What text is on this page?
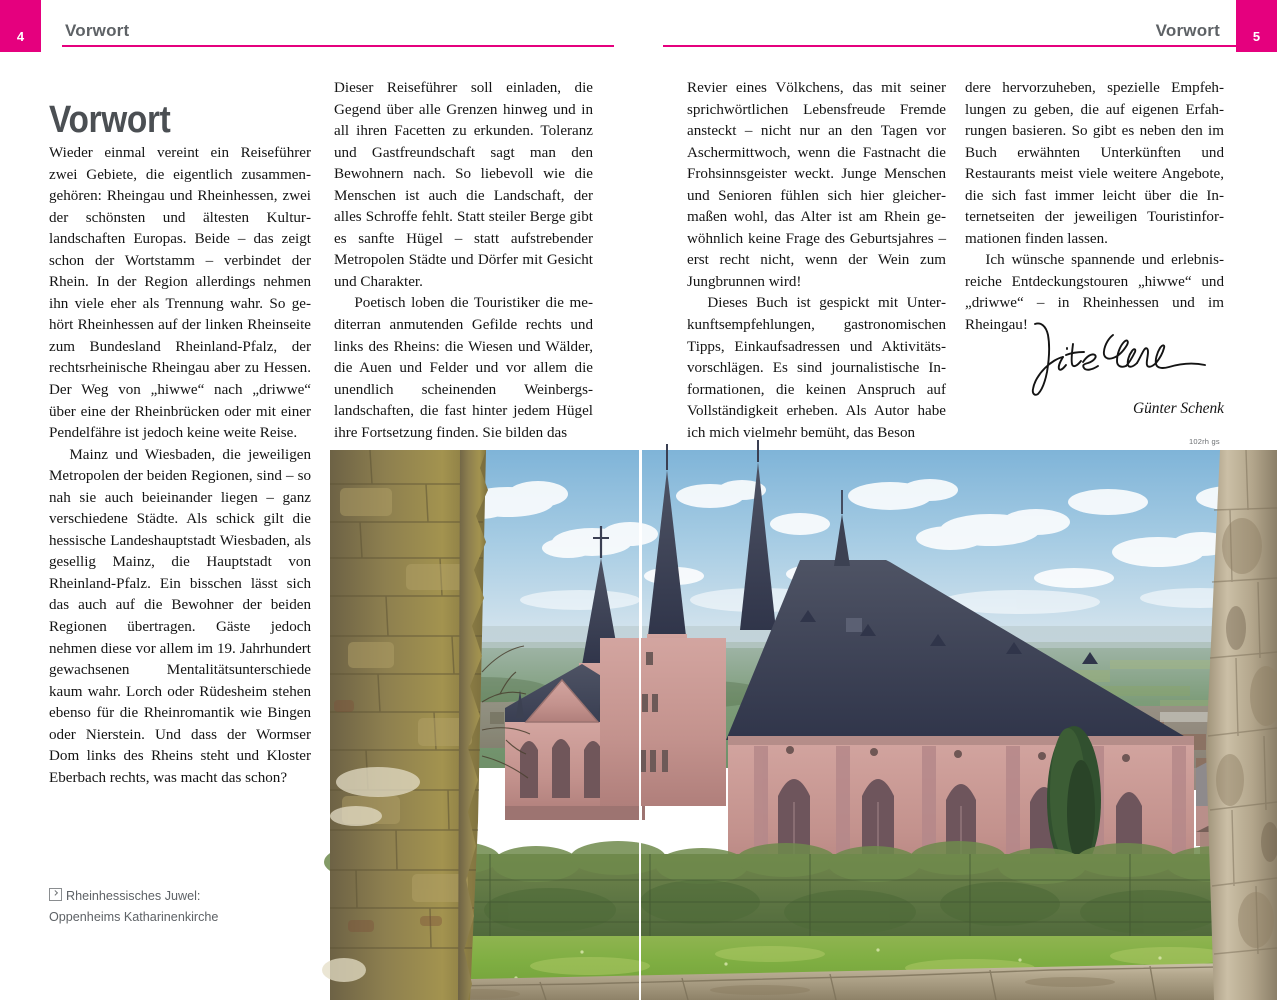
4	Vorwort	5
Vorwort
Vorwort

Wieder einmal vereint ein Reiseführer zwei Gebiete, die eigentlich zusammengehören: Rheingau und Rheinhessen, zwei der schönsten und ältesten Kulturlandschaften Europas. Beide – das zeigt schon der Wortstamm – verbindet der Rhein. In der Region allerdings nehmen ihn viele eher als Trennung wahr. So gehört Rheinhessen auf der linken Rheinseite zum Bundesland Rheinland-Pfalz, der rechtsrheinische Rheingau aber zu Hessen. Der Weg von „hiwwe“ nach „driwwe“ über eine der Rheinbrücken oder mit einer Pendelfähre ist jedoch keine weite Reise.

Mainz und Wiesbaden, die jeweiligen Metropolen der beiden Regionen, sind – so nah sie auch beieinander liegen – ganz verschiedene Städte. Als schick gilt die hessische Landeshauptstadt Wiesbaden, als gesellig Mainz, die Hauptstadt von Rheinland-Pfalz. Ein bisschen lässt sich das auch auf die Bewohner der beiden Regionen übertragen. Gäste jedoch nehmen diese vor allem im 19. Jahrhundert gewachsenen Mentalitätsunterschiede kaum wahr. Lorch oder Rüdesheim stehen ebenso für die Rheinromantik wie Bingen oder Nierstein. Und dass der Wormser Dom links des Rheins steht und Kloster Eberbach rechts, was macht das schon?

Dieser Reiseführer soll einladen, die Gegend über alle Grenzen hinweg und in all ihren Facetten zu erkunden. Toleranz und Gastfreundschaft sagt man den Bewohnern nach. So liebevoll wie die Menschen ist auch die Landschaft, der alles Schroffe fehlt. Statt steiler Berge gibt es sanfte Hügel – statt aufstrebender Metropolen Städte und Dörfer mit Gesicht und Charakter.

Poetisch loben die Touristiker die mediterran anmutenden Gefilde rechts und links des Rheins: die Wiesen und Wälder, die Auen und Felder und vor allem die unendlich scheinenden Weinbergslandschaften, die fast hinter jedem Hügel ihre Fortsetzung finden. Sie bilden das

Revier eines Völkchens, das mit seiner sprichwörtlichen Lebensfreude Fremde ansteckt – nicht nur an den Tagen vor Aschermittwoch, wenn die Fastnacht die Frohsinnsgeister weckt. Junge Menschen und Senioren fühlen sich hier gleichermaßen wohl, das Alter ist am Rhein gewöhnlich keine Frage des Geburtsjahres – erst recht nicht, wenn der Wein zum Jungbrunnen wird!

Dieses Buch ist gespickt mit Unterkunftsempfehlungen, gastronomischen Tipps, Einkaufsadressen und Aktivitätsvorschlägen. Es sind journalistische Informationen, die keinen Anspruch auf Vollständigkeit erheben. Als Autor habe ich mich vielmehr bemüht, das Beson

dere hervorzuheben, spezielle Empfehlungen zu geben, die auf eigenen Erfahrungen basieren. So gibt es neben den im Buch erwähnten Unterkünften und Restaurants meist viele weitere Angebote, die sich fast immer leicht über die Internetseiten der jeweiligen Touristinformationen finden lassen.

Ich wünsche spannende und erlebnisreiche Entdeckungstouren „hiwwe“ und „driwwe“ – in Rheinhessen und im Rheingau!

Günter Schenk
Rheinhessisches Juwel:
Oppenheims Katharinenkirche
102rh gs
